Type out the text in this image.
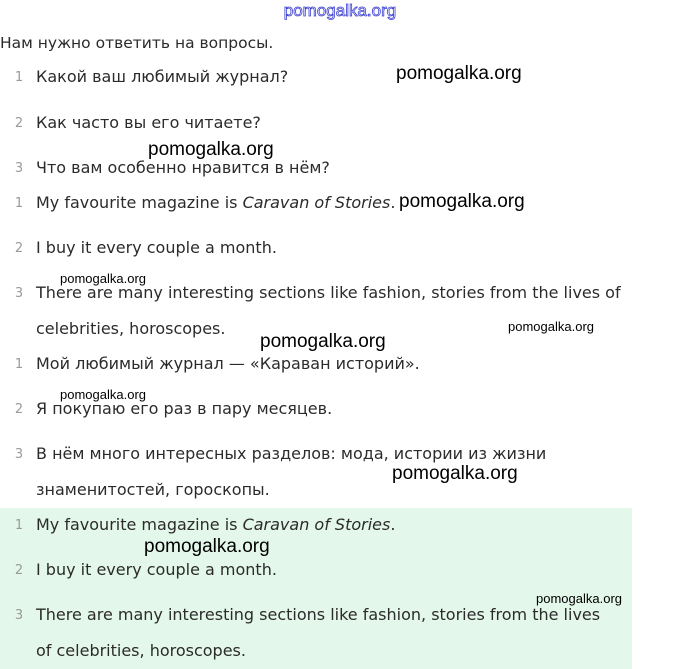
pomogalka.org
Нам нужно ответить на вопросы.
1 Какой ваш любимый журнал?
2 Как часто вы его читаете?
3 Что вам особенно нравится в нём?
1 My favourite magazine is Caravan of Stories.
2 I buy it every couple a month.
3 There are many interesting sections like fashion, stories from the lives of
celebrities, horoscopes.
1 Мой любимый журнал — «Караван историй».
2 Я покупаю его раз в пару месяцев.
3 В нём много интересных разделов: мода, истории из жизни
знаменитостей, гороскопы.
1 My favourite magazine is Caravan of Stories.
2 I buy it every couple a month.
3 There are many interesting sections like fashion, stories from the lives
of celebrities, horoscopes.
pomogalka.org
pomogalka.org
pomogalka.org
pomogalka.org
pomogalka.org
pomogalka.org
pomogalka.org
pomogalka.org
pomogalka.org
pomogalka.org
